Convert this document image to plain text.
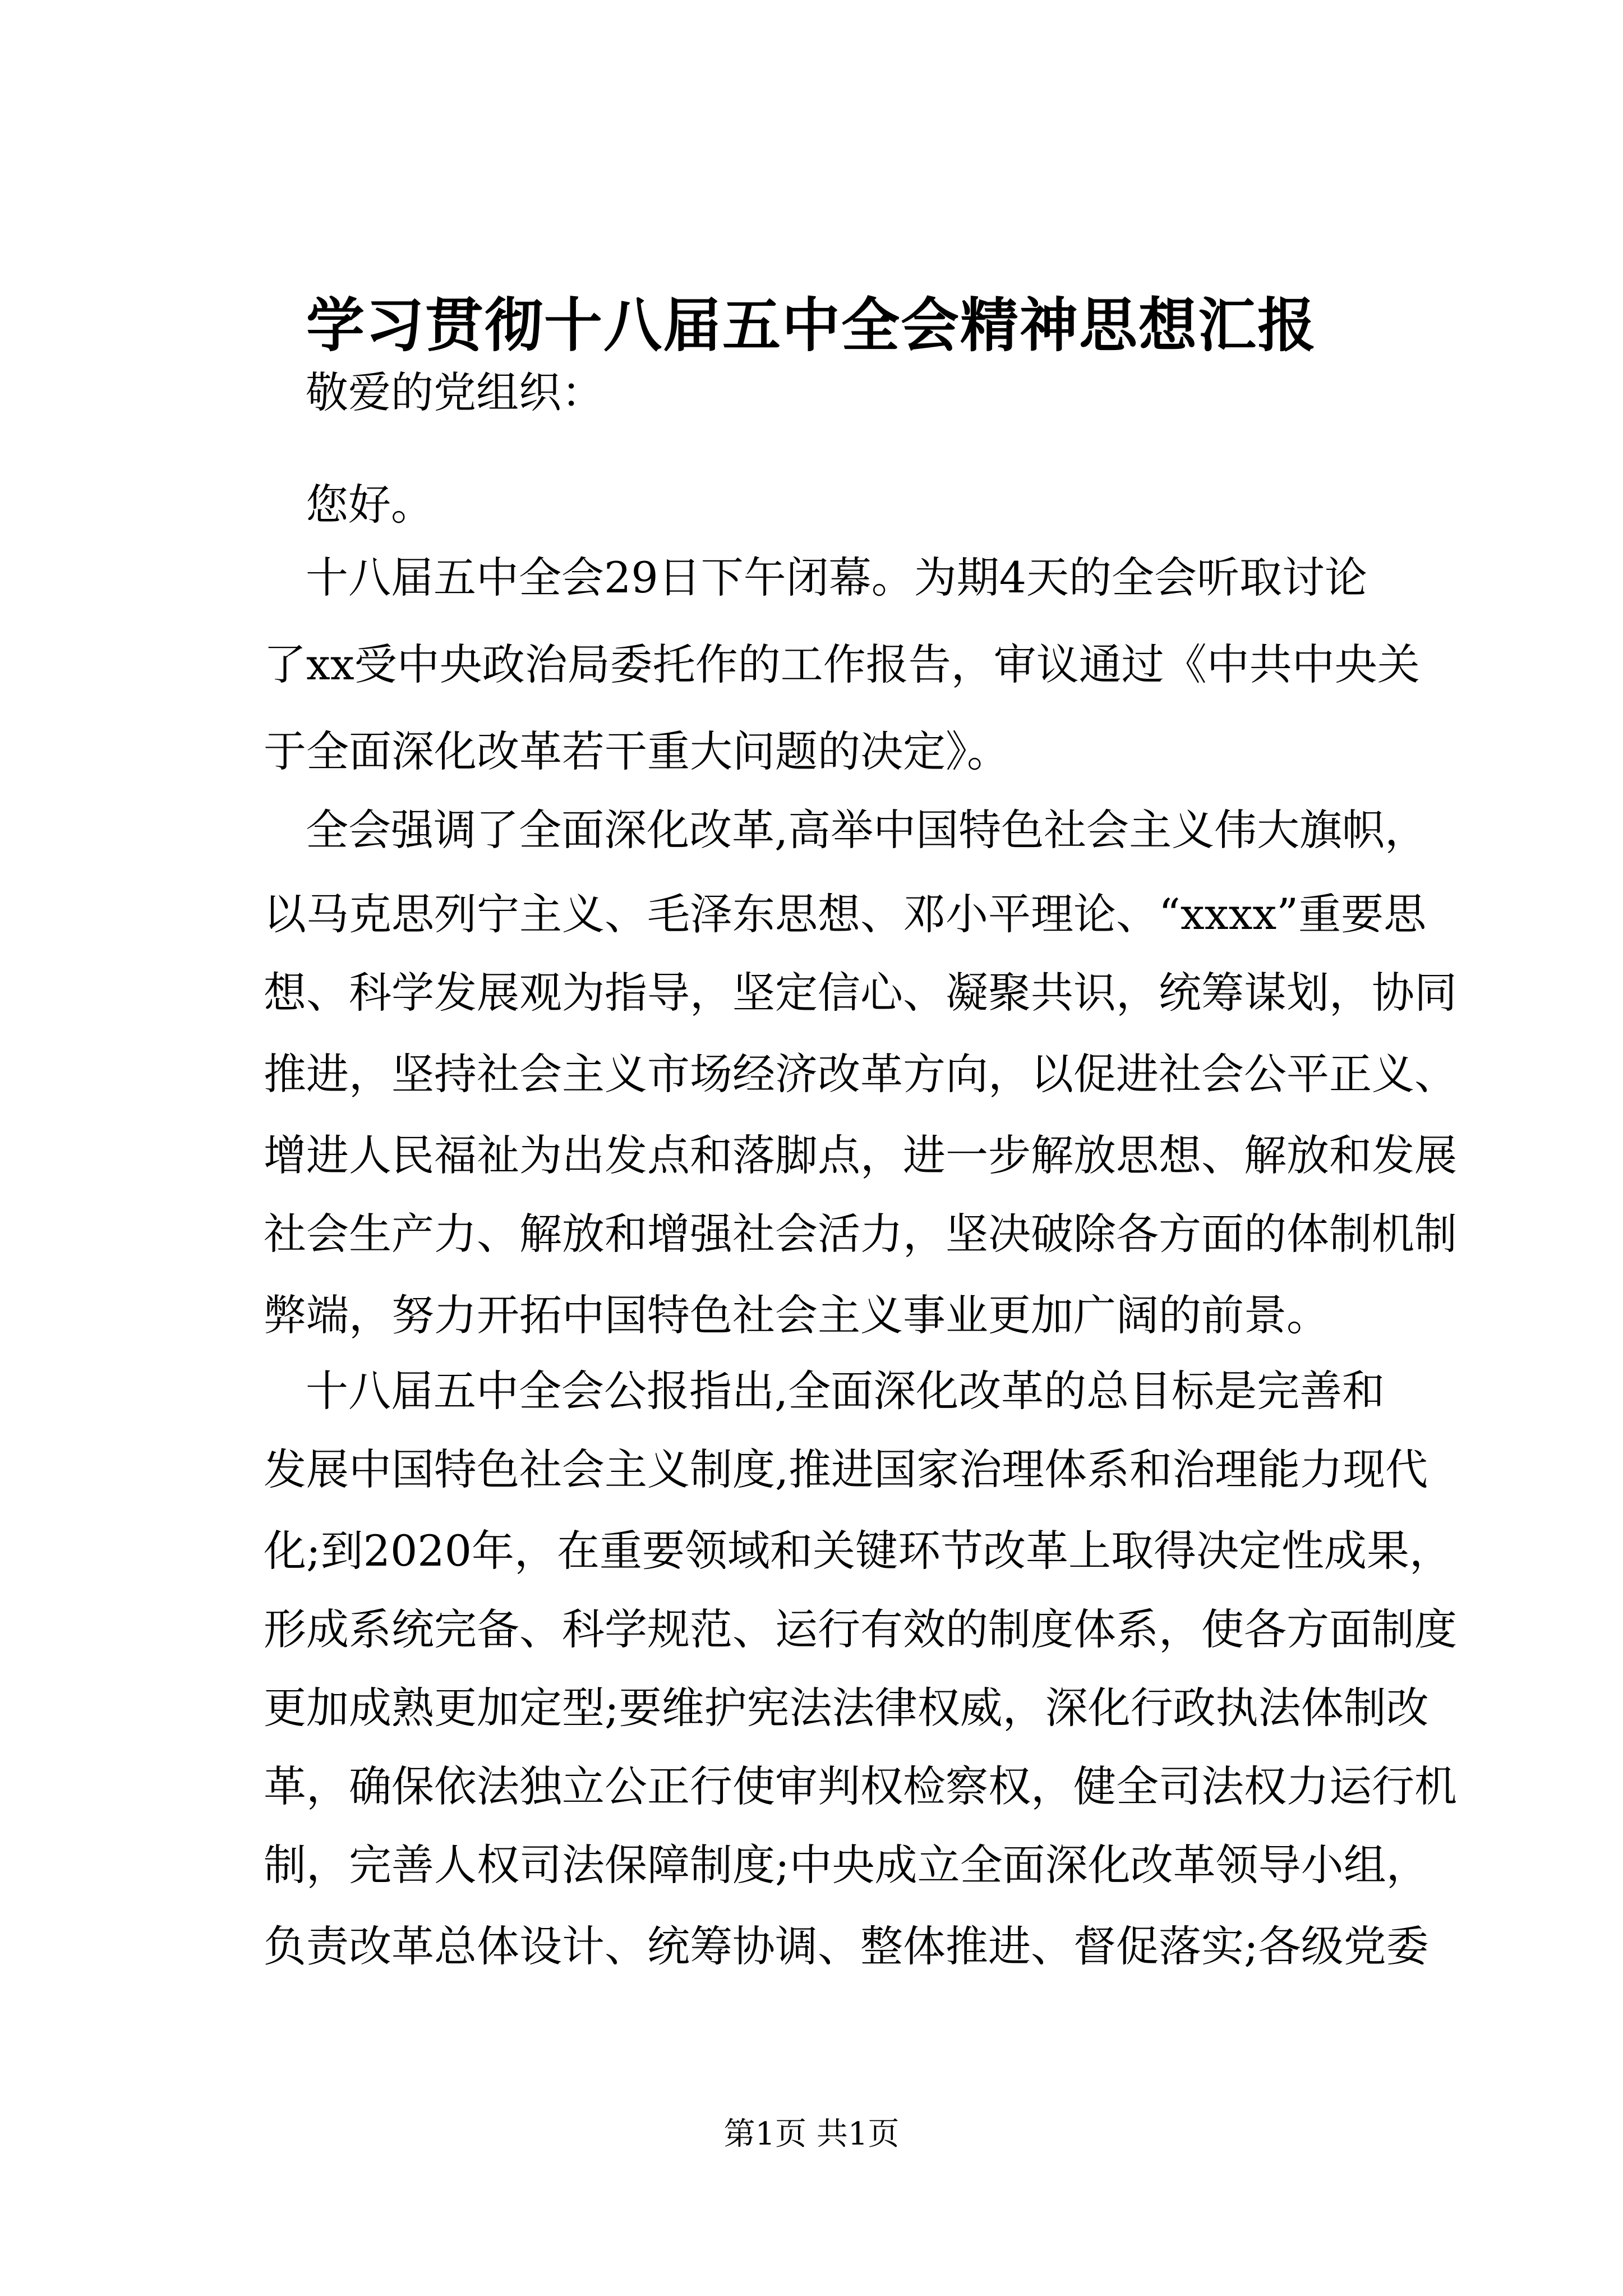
学习贯彻十八届五中全会精神思想汇报
敬爱的党组织：
您好。
十八届五中全会29日下午闭幕。为期4天的全会听取讨论
了xx受中央政治局委托作的工作报告，审议通过《中共中央关
于全面深化改革若干重大问题的决定》。
全会强调了全面深化改革,高举中国特色社会主义伟大旗帜，
以马克思列宁主义、毛泽东思想、邓小平理论、“xxxx”重要思
想、科学发展观为指导，坚定信心、凝聚共识，统筹谋划，协同
推进，坚持社会主义市场经济改革方向，以促进社会公平正义、
增进人民福祉为出发点和落脚点，进一步解放思想、解放和发展
社会生产力、解放和增强社会活力，坚决破除各方面的体制机制
弊端，努力开拓中国特色社会主义事业更加广阔的前景。
十八届五中全会公报指出,全面深化改革的总目标是完善和
发展中国特色社会主义制度,推进国家治理体系和治理能力现代
化;到2020年，在重要领域和关键环节改革上取得决定性成果，
形成系统完备、科学规范、运行有效的制度体系，使各方面制度
更加成熟更加定型;要维护宪法法律权威，深化行政执法体制改
革，确保依法独立公正行使审判权检察权，健全司法权力运行机
制，完善人权司法保障制度;中央成立全面深化改革领导小组，
负责改革总体设计、统筹协调、整体推进、督促落实;各级党委
第1页 共1页
